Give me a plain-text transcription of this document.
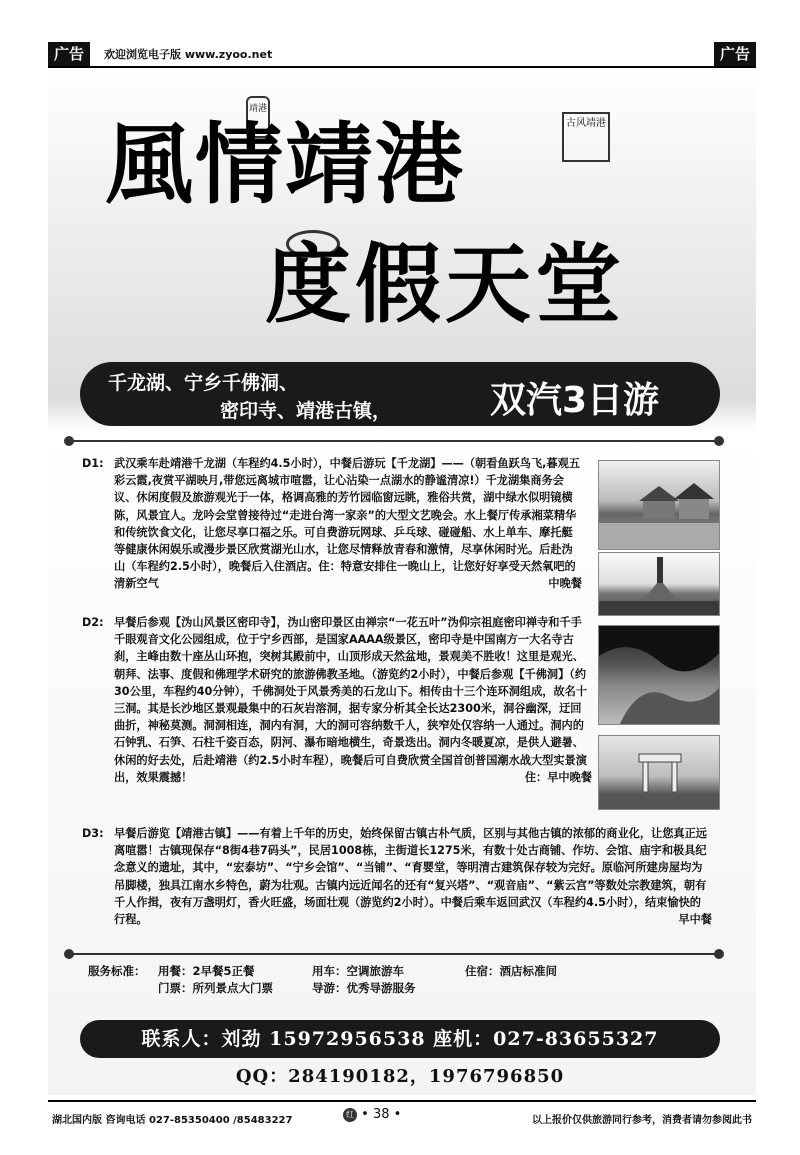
广告	欢迎浏览电子版 www.zyoo.net	广告
靖港
風情靖港	古风靖港
度假天堂
千龙湖、宁乡千佛洞、
密印寺、靖港古镇，	双汽3日游
D1: 武汉乘车赴靖港千龙湖（车程约4.5小时），中餐后游玩【千龙湖】——（朝看鱼跃鸟飞,暮观五彩云霞,夜赏平湖映月,带您远离城市喧嚣，让心沾染一点湖水的静谧清凉!）千龙湖集商务会议、休闲度假及旅游观光于一体，格调高雅的芳竹园临窗远眺，雅俗共赏，湖中绿水似明镜横陈，风景宜人。龙吟会堂曾接待过“走进台湾一家亲”的大型文艺晚会。水上餐厅传承湘菜精华和传统饮食文化，让您尽享口福之乐。可自费游玩网球、乒乓球、碰碰船、水上单车、摩托艇等健康休闲娱乐或漫步景区欣赏湖光山水，让您尽情释放青春和激情，尽享休闲时光。后赴沩山（车程约2.5小时），晚餐后入住酒店。住：特意安排住一晚山上，让您好好享受天然氧吧的清新空气	中晚餐
D2: 早餐后参观【沩山风景区密印寺】，沩山密印景区由禅宗“一花五叶”沩仰宗祖庭密印禅寺和千手千眼观音文化公园组成，位于宁乡西部，是国家AAAA级景区，密印寺是中国南方一大名寺古刹，主峰由数十座丛山环抱，突树其殿前中，山顶形成天然盆地，景观美不胜收！这里是观光、朝拜、法事、度假和佛理学术研究的旅游佛教圣地。（游览约2小时），中餐后参观【千佛洞】（约30公里，车程约40分钟），千佛洞处于风景秀美的石龙山下。相传由十三个连环洞组成，故名十三洞。其是长沙地区景观最集中的石灰岩溶洞，据专家分析其全长达2300米，洞谷幽深，迂回曲折，神秘莫测。洞洞相连，洞内有洞，大的洞可容纳数千人，狭窄处仅容纳一人通过。洞内的石钟乳、石笋、石柱千姿百态，阴河、瀑布暗地横生，奇景迭出。洞内冬暖夏凉，是供人避暑、休闲的好去处，后赴靖港（约2.5小时车程），晚餐后可自费欣赏全国首创普国潮水战大型实景演出，效果震撼！	住：早中晚餐
D3: 早餐后游览【靖港古镇】——有着上千年的历史，始终保留古镇古朴气质，区别与其他古镇的浓郁的商业化，让您真正远离喧嚣！古镇现保存“8街4巷7码头”，民居1008栋，主街道长1275米，有数十处古商铺、作坊、会馆、庙宇和极具纪念意义的遗址，其中，“宏泰坊”、“宁乡会馆”、“当铺”、“育婴堂，等明清古建筑保存较为完好。原临河所建房屋均为吊脚楼，独具江南水乡特色，蔚为壮观。古镇内远近闻名的还有“复兴塔”、“观音庙”、“紫云宫”等数处宗教建筑，朝有千人作揖，夜有万盏明灯，香火旺盛，场面壮观（游览约2小时）。中餐后乘车返回武汉（车程约4.5小时），结束愉快的行程。	早中餐
服务标准： 用餐：2早餐5正餐	用车：空调旅游车	住宿：酒店标准间
门票：所列景点大门票	导游：优秀导游服务
联系人：刘劲 15972956538 座机：027-83655327
QQ：284190182，1976796850
湖北国内版 咨询电话 027-85350400 /85483227
红 • 38 •	以上报价仅供旅游同行参考，消费者请勿参阅此书
